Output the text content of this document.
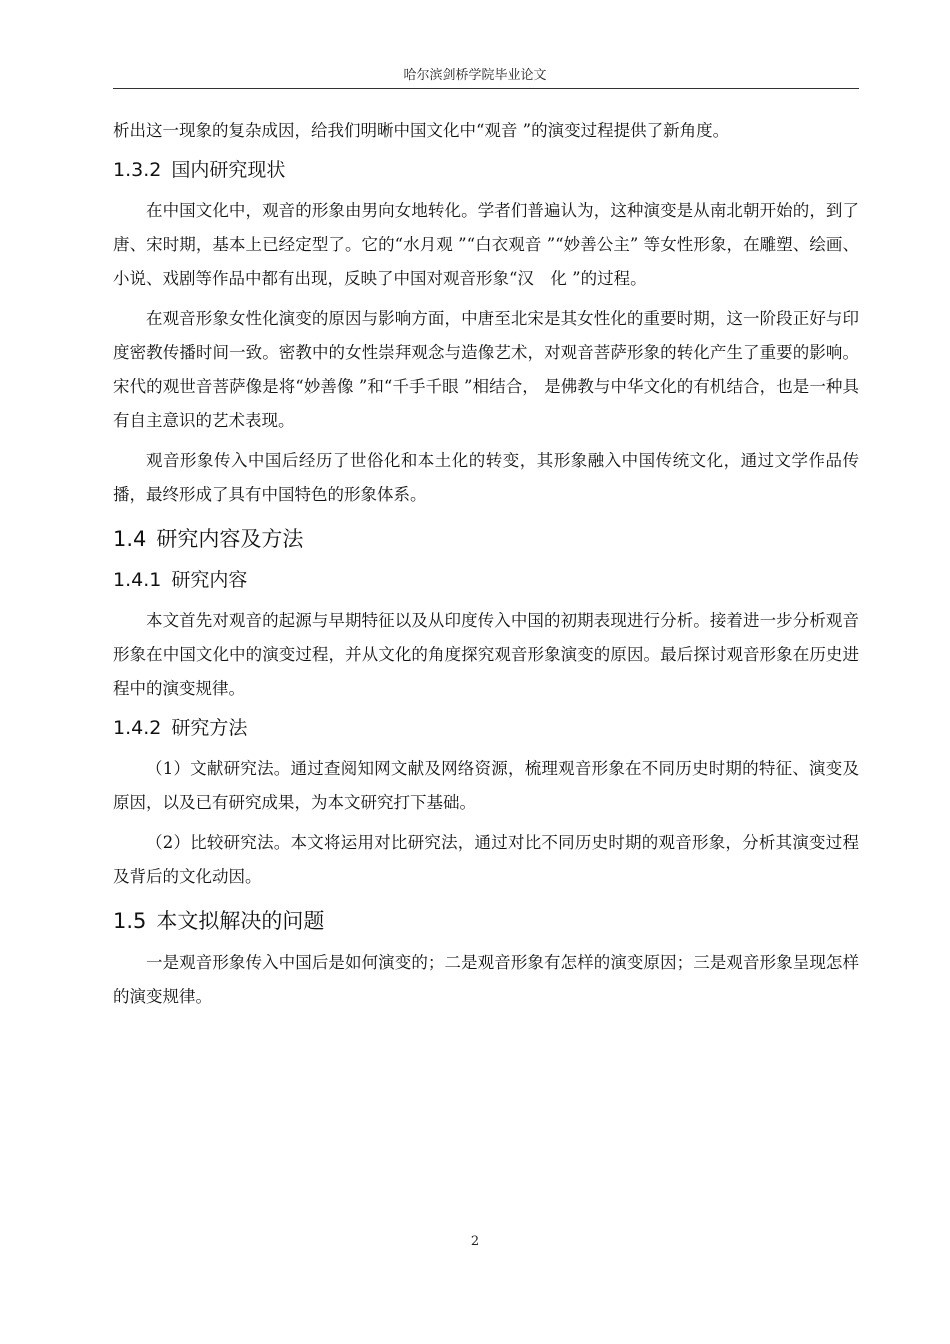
哈尔滨剑桥学院毕业论文

析出这一现象的复杂成因，给我们明晰中国文化中“观音 ”的演变过程提供了新角度。

1.3.2 国内研究现状

在中国文化中，观音的形象由男向女地转化。学者们普遍认为，这种演变是从南北朝开始的，到了唐、宋时期，基本上已经定型了。它的“水月观 ”“白衣观音 ”“妙善公主” 等女性形象，在雕塑、绘画、小说、戏剧等作品中都有出现，反映了中国对观音形象“汉　化 ”的过程。

在观音形象女性化演变的原因与影响方面，中唐至北宋是其女性化的重要时期，这一阶段正好与印度密教传播时间一致。密教中的女性崇拜观念与造像艺术，对观音菩萨形象的转化产生了重要的影响。宋代的观世音菩萨像是将“妙善像 ”和“千手千眼 ”相结合， 是佛教与中华文化的有机结合，也是一种具有自主意识的艺术表现。

观音形象传入中国后经历了世俗化和本土化的转变，其形象融入中国传统文化，通过文学作品传播，最终形成了具有中国特色的形象体系。

1.4 研究内容及方法
1.4.1 研究内容

本文首先对观音的起源与早期特征以及从印度传入中国的初期表现进行分析。接着进一步分析观音形象在中国文化中的演变过程，并从文化的角度探究观音形象演变的原因。最后探讨观音形象在历史进程中的演变规律。

1.4.2 研究方法

（1）文献研究法。通过查阅知网文献及网络资源，梳理观音形象在不同历史时期的特征、演变及原因，以及已有研究成果，为本文研究打下基础。

（2）比较研究法。本文将运用对比研究法，通过对比不同历史时期的观音形象，分析其演变过程及背后的文化动因。

1.5 本文拟解决的问题

一是观音形象传入中国后是如何演变的；二是观音形象有怎样的演变原因；三是观音形象呈现怎样的演变规律。

2
